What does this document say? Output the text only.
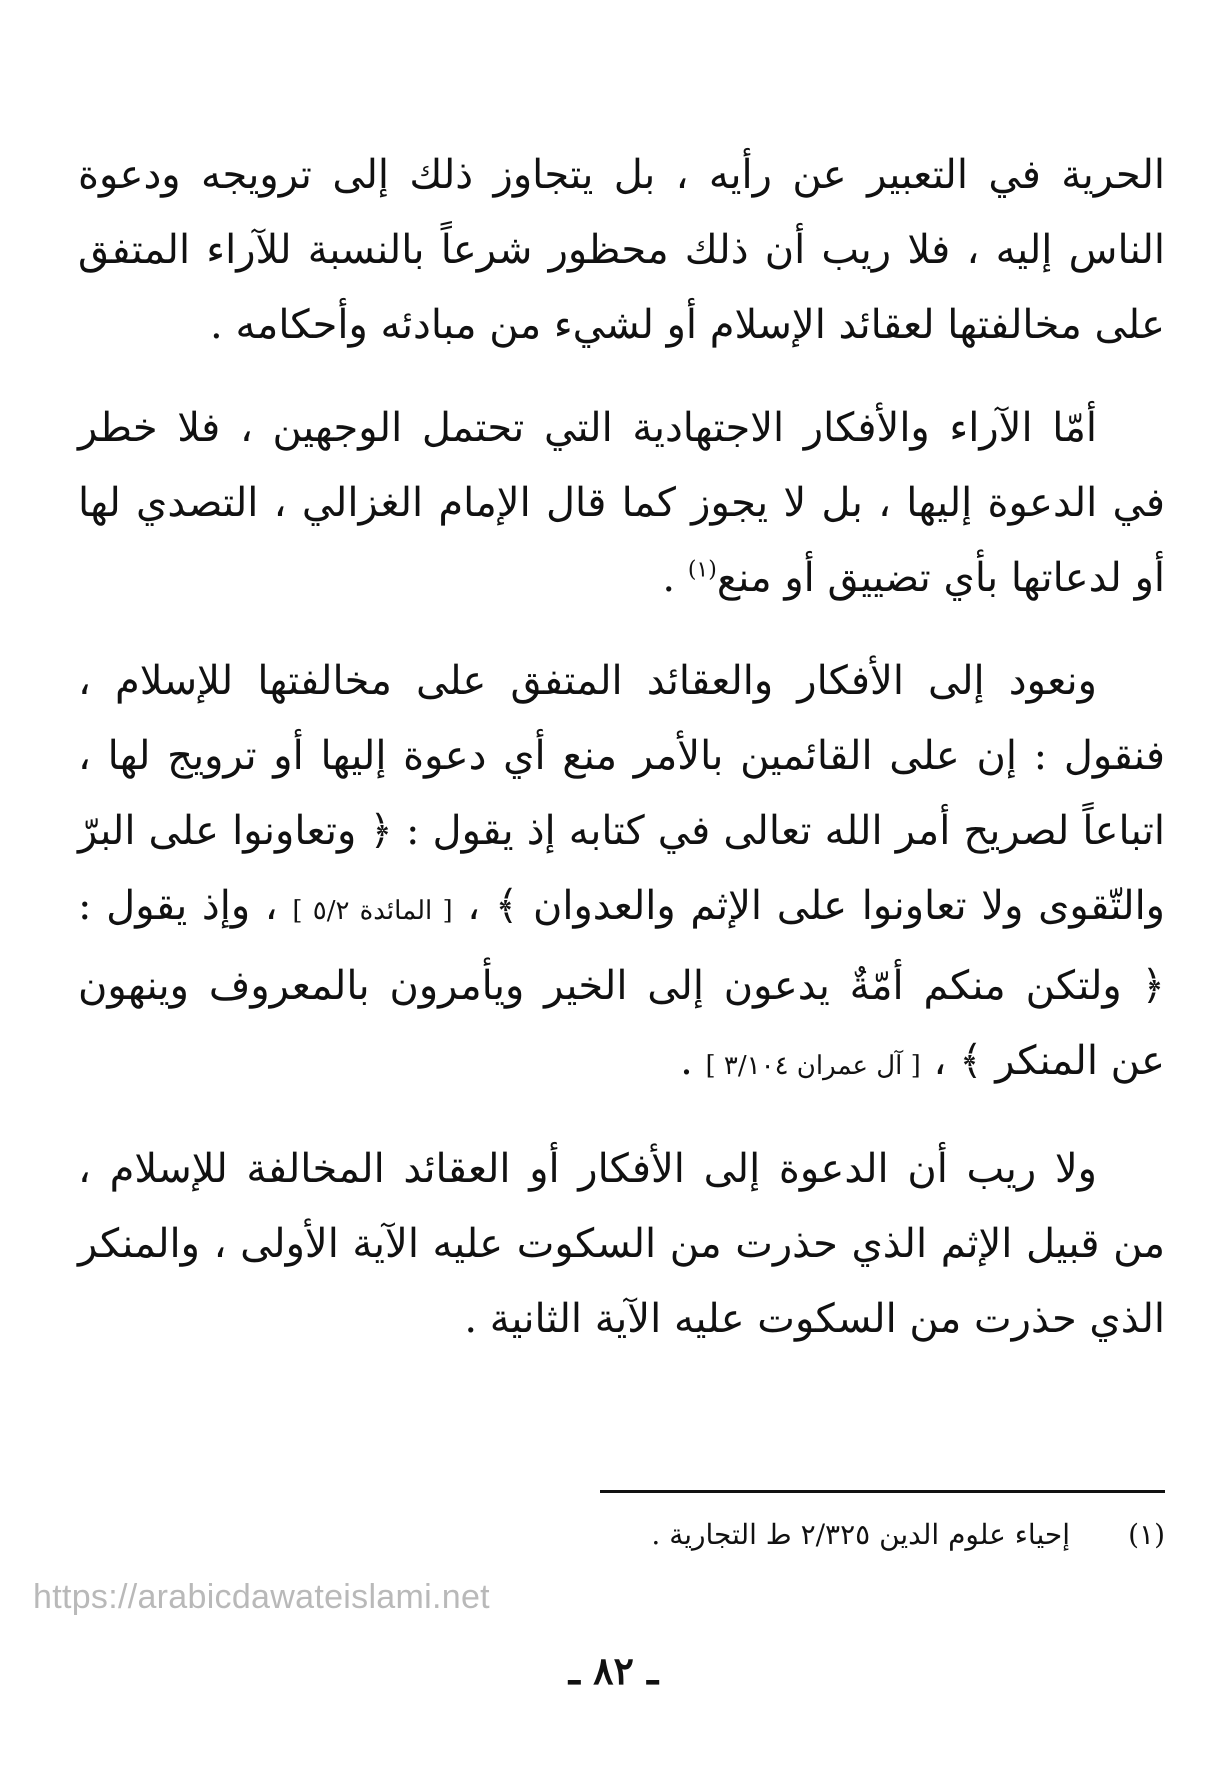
الحرية في التعبير عن رأيه ، بل يتجاوز ذلك إلى ترويجه ودعوة الناس إليه ، فلا ريب أن ذلك محظور شرعاً بالنسبة للآراء المتفق على مخالفتها لعقائد الإسلام أو لشيء من مبادئه وأحكامه .

أمّا الآراء والأفكار الاجتهادية التي تحتمل الوجهين ، فلا خطر في الدعوة إليها ، بل لا يجوز كما قال الإمام الغزالي ، التصدي لها أو لدعاتها بأي تضييق أو منع$^{(١)}$ .

ونعود إلى الأفكار والعقائد المتفق على مخالفتها للإسلام ، فنقول : إن على القائمين بالأمر منع أي دعوة إليها أو ترويج لها ، اتباعاً لصريح أمر الله تعالى في كتابه إذ يقول : ﴿ وتعاونوا على البرّ والتّقوى ولا تعاونوا على الإثم والعدوان ﴾ ، [ المائدة ٥/٢ ] ، وإذ يقول : ﴿ ولتكن منكم أمّةٌ يدعون إلى الخير ويأمرون بالمعروف وينهون عن المنكر ﴾ ، [ آل عمران ٣/١٠٤ ] .

ولا ريب أن الدعوة إلى الأفكار أو العقائد المخالفة للإسلام ، من قبيل الإثم الذي حذرت من السكوت عليه الآية الأولى ، والمنكر الذي حذرت من السكوت عليه الآية الثانية .

(١)إحياء علوم الدين ٢/٣٢٥ ط التجارية .
https://arabicdawateislami.net
ـ ٨٢ ـ
